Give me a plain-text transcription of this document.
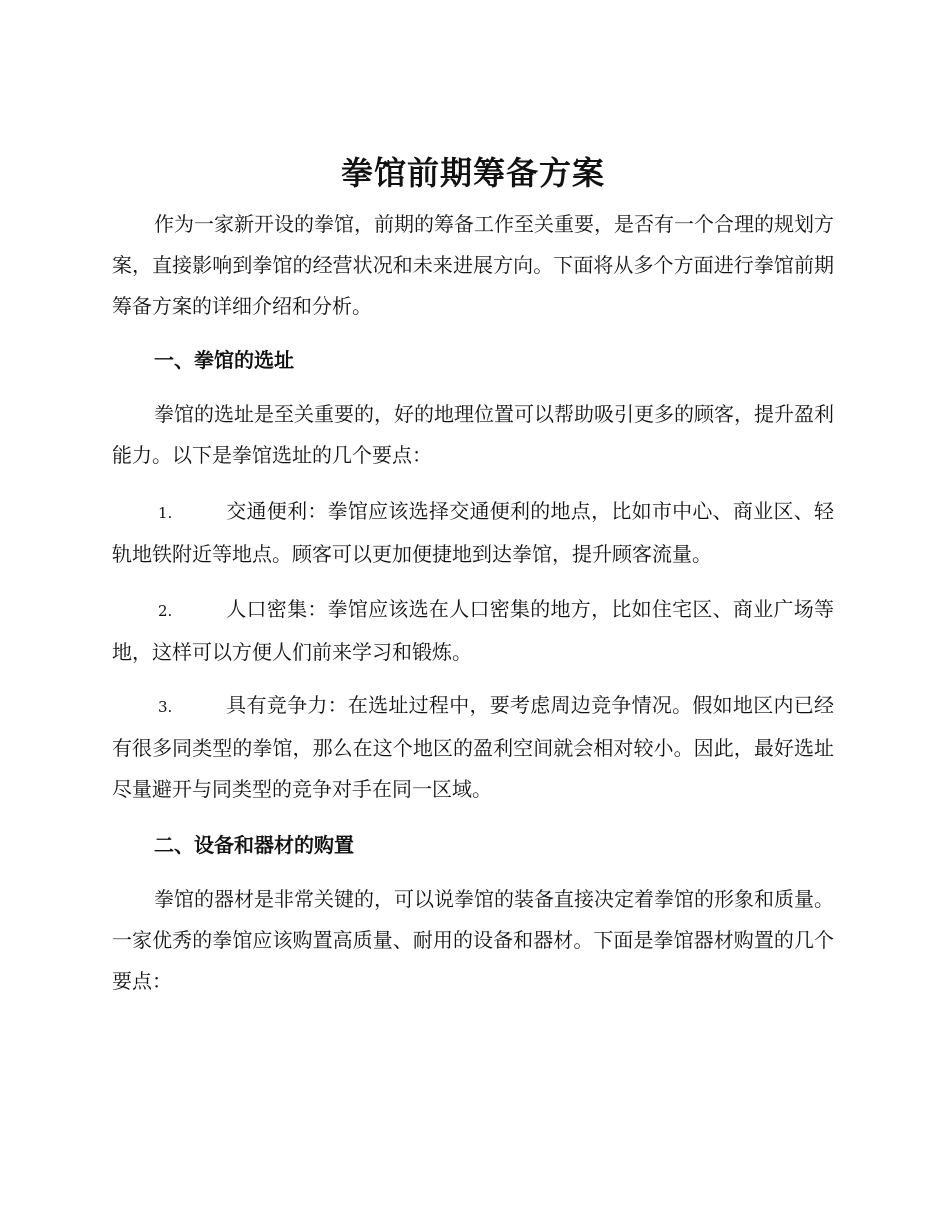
拳馆前期筹备方案

作为一家新开设的拳馆，前期的筹备工作至关重要，是否有一个合理的规划方案，直接影响到拳馆的经营状况和未来进展方向。下面将从多个方面进行拳馆前期筹备方案的详细介绍和分析。

一、拳馆的选址

拳馆的选址是至关重要的，好的地理位置可以帮助吸引更多的顾客，提升盈利能力。以下是拳馆选址的几个要点：

1.	交通便利：拳馆应该选择交通便利的地点，比如市中心、商业区、轻轨地铁附近等地点。顾客可以更加便捷地到达拳馆，提升顾客流量。

2.	人口密集：拳馆应该选在人口密集的地方，比如住宅区、商业广场等地，这样可以方便人们前来学习和锻炼。

3.	具有竞争力：在选址过程中，要考虑周边竞争情况。假如地区内已经有很多同类型的拳馆，那么在这个地区的盈利空间就会相对较小。因此，最好选址尽量避开与同类型的竞争对手在同一区域。

二、设备和器材的购置

拳馆的器材是非常关键的，可以说拳馆的装备直接决定着拳馆的形象和质量。一家优秀的拳馆应该购置高质量、耐用的设备和器材。下面是拳馆器材购置的几个要点：
